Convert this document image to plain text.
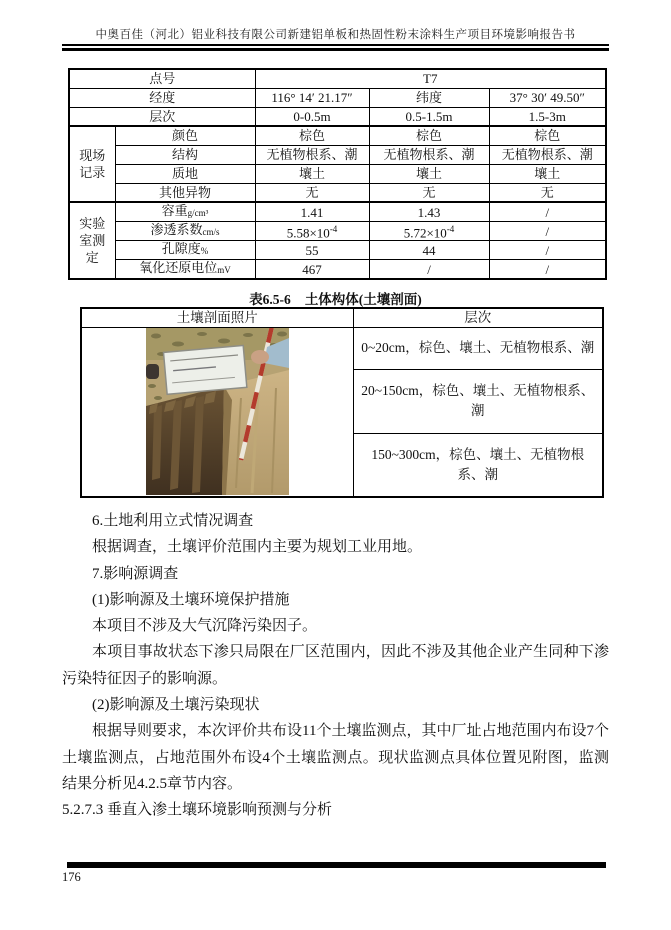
中奥百佳（河北）铝业科技有限公司新建铝单板和热固性粉末涂料生产项目环境影响报告书
点号		T7		
经度		116° 14′ 21.17″	纬度	37° 30′ 49.50″
层次		0-0.5m	0.5-1.5m	1.5-3m

现场
记录	颜色	棕色	棕色	棕色
	结构	无植物根系、潮	无植物根系、潮	无植物根系、潮
	质地	壤土	壤土	壤土
	其他异物	无	无	无

实验
室测
定	容重g/cm³	1.41	1.43	/
	渗透系数cm/s	$5.58\times 10^{-4}$	$5.72\times 10^{-4}$	/
	孔隙度%	55	44	/
	氧化还原电位mV	467	/	/
表6.5-6 土体构体(土壤剖面)
土壤剖面照片	层次

	0~20cm，棕色、壤土、无植物根系、潮
	20~150cm，棕色、壤土、无植物根系、潮
	150~300cm，棕色、壤土、无植物根系、潮

6.土地利用立式情况调查

根据调查，土壤评价范围内主要为规划工业用地。

7.影响源调查

(1)影响源及土壤环境保护措施

本项目不涉及大气沉降污染因子。

本项目事故状态下渗只局限在厂区范围内，因此不涉及其他企业产生同种下渗污染特征因子的影响源。

(2)影响源及土壤污染现状

根据导则要求，本次评价共布设11个土壤监测点，其中厂址占地范围内布设7个土壤监测点，占地范围外布设4个土壤监测点。现状监测点具体位置见附图，监测结果分析见4.2.5章节内容。

5.2.7.3 垂直入渗土壤环境影响预测与分析

176
